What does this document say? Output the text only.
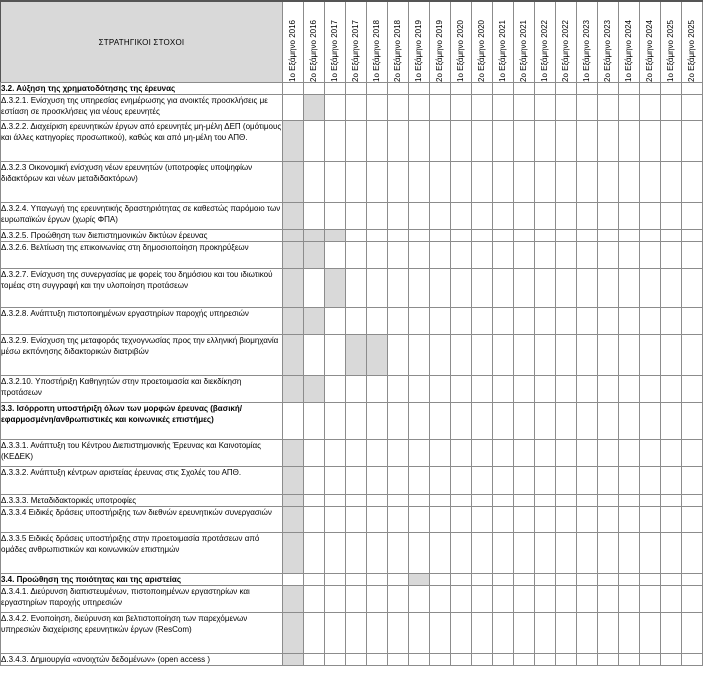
ΣΤΡΑΤΗΓΙΚΟΙ ΣΤΟΧΟΙ	1ο Εξάμηνο 2016	2ο Εξάμηνο 2016	1ο Εξάμηνο 2017	2ο Εξάμηνο 2017	1ο Εξάμηνο 2018	2ο Εξάμηνο 2018	1ο Εξάμηνο 2019	2ο Εξάμηνο 2019	1ο Εξάμηνο 2020	2ο Εξάμηνο 2020	1ο Εξάμηνο 2021	2ο Εξάμηνο 2021	1ο Εξάμηνο 2022	2ο Εξάμηνο 2022	1ο Εξάμηνο 2023	2ο Εξάμηνο 2023	1ο Εξάμηνο 2024	2ο Εξάμηνο 2024	1ο Εξάμηνο 2025	2ο Εξάμηνο 2025

3.2. Αύξηση της χρηματοδότησης της έρευνας																				
Δ.3.2.1. Ενίσχυση της υπηρεσίας ενημέρωσης για ανοικτές προσκλήσεις με εστίαση σε προσκλήσεις για νέους ερευνητές																				
Δ.3.2.2. Διαχείριση ερευνητικών έργων από ερευνητές μη-μέλη ΔΕΠ (ομότιμους και άλλες κατηγορίες προσωπικού), καθώς και από μη-μέλη του ΑΠΘ.																				
Δ.3.2.3 Οικονομική ενίσχυση νέων ερευνητών (υποτροφίες υποψηφίων
διδακτόρων και νέων μεταδιδακτόρων)																				
Δ.3.2.4. Υπαγωγή της ερευνητικής δραστηριότητας σε καθεστώς παρόμοιο των ευρωπαϊκών έργων (χωρίς ΦΠΑ)																				
Δ.3.2.5. Προώθηση των διεπιστημονικών δικτύων έρευνας																				
Δ.3.2.6. Βελτίωση της επικοινωνίας στη δημοσιοποίηση προκηρύξεων																				
Δ.3.2.7. Ενίσχυση της συνεργασίας με φορείς του δημόσιου και του ιδιωτικού τομέας στη συγγραφή και την υλοποίηση προτάσεων																				
Δ.3.2.8. Ανάπτυξη πιστοποιημένων εργαστηρίων παροχής υπηρεσιών																				
Δ.3.2.9. Ενίσχυση της μεταφοράς τεχνογνωσίας προς την ελληνική βιομηχανία μέσω εκπόνησης διδακτορικών διατριβών																				
Δ.3.2.10. Υποστήριξη Καθηγητών στην προετοιμασία και διεκδίκηση προτάσεων																				
3.3. Ισόρροπη υποστήριξη όλων των μορφών έρευνας (βασική/εφαρμοσμένη/ανθρωπιστικές και κοινωνικές επιστήμες)																				
Δ.3.3.1. Ανάπτυξη του Κέντρου Διεπιστημονικής Έρευνας και Καινοτομίας (ΚΕΔΕΚ)																				
Δ.3.3.2. Ανάπτυξη κέντρων αριστείας έρευνας στις Σχολές του ΑΠΘ.																				
Δ.3.3.3. Μεταδιδακτορικές υποτροφίες																				
Δ.3.3.4 Ειδικές δράσεις υποστήριξης των διεθνών ερευνητικών συνεργασιών																				
Δ.3.3.5 Ειδικές δράσεις υποστήριξης στην προετοιμασία προτάσεων από
ομάδες ανθρωπιστικών και κοινωνικών επιστημών																				
3.4. Προώθηση της ποιότητας και της αριστείας																				
Δ.3.4.1. Διεύρυνση διαπιστευμένων, πιστοποιημένων εργαστηρίων και εργαστηρίων παροχής υπηρεσιών																				
Δ.3.4.2. Ενοποίηση, διεύρυνση και βελτιστοποίηση των παρεχόμενων
υπηρεσιών διαχείρισης ερευνητικών έργων (ResCom)																				
Δ.3.4.3. Δημιουργία «ανοιχτών δεδομένων» (open access )																				
